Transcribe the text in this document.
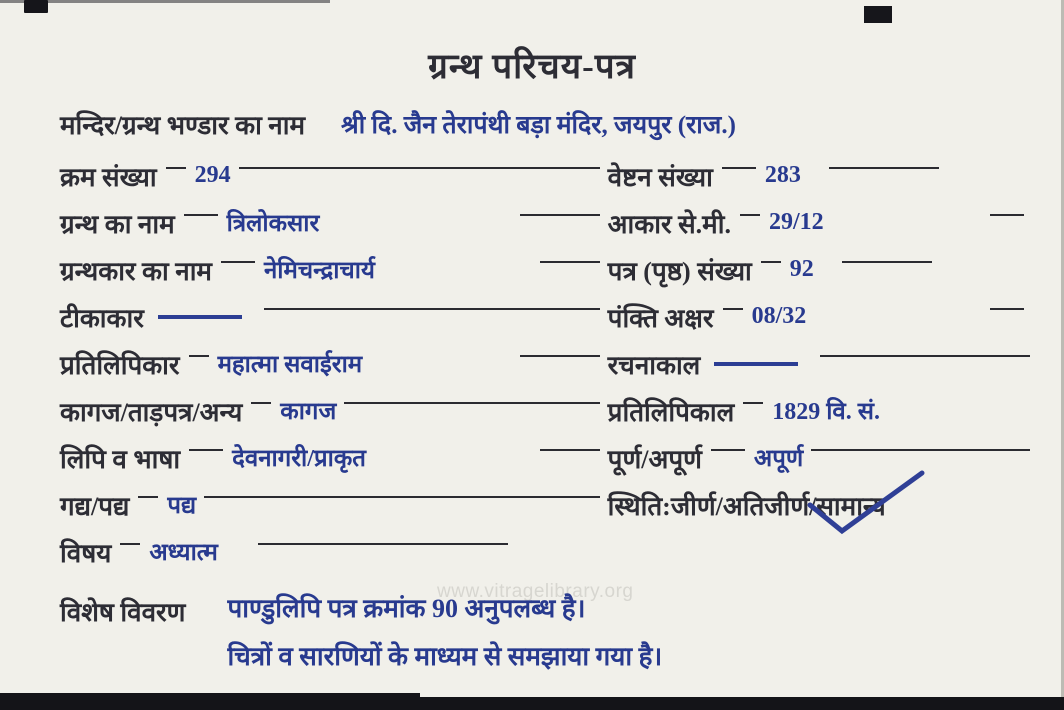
ग्रन्थ परिचय-पत्र
www.vitragelibrary.org
मन्दिर/ग्रन्थ भण्डार का नाम श्री दि. जैन तेरापंथी बड़ा मंदिर, जयपुर (राज.)
क्रम संख्या 294	वेष्टन संख्या 283
ग्रन्थ का नाम त्रिलोकसार	आकार से.मी. 29/12
ग्रन्थकार का नाम नेमिचन्द्राचार्य	पत्र (पृष्ठ) संख्या 92
टीकाकार	पंक्ति अक्षर 08/32
प्रतिलिपिकार महात्मा सवाईराम	रचनाकाल
कागज/ताड़पत्र/अन्य कागज	प्रतिलिपिकाल 1829 वि. सं.
लिपि व भाषा देवनागरी/प्राकृत	पूर्ण/अपूर्ण अपूर्ण
गद्य/पद्य पद्य	स्थिति:जीर्ण/अतिजीर्ण/ सामान्य
विषय अध्यात्म
विशेष विवरण पाण्डुलिपि पत्र क्रमांक 90 अनुपलब्ध है।
चित्रों व सारणियों के माध्यम से समझाया गया है।
